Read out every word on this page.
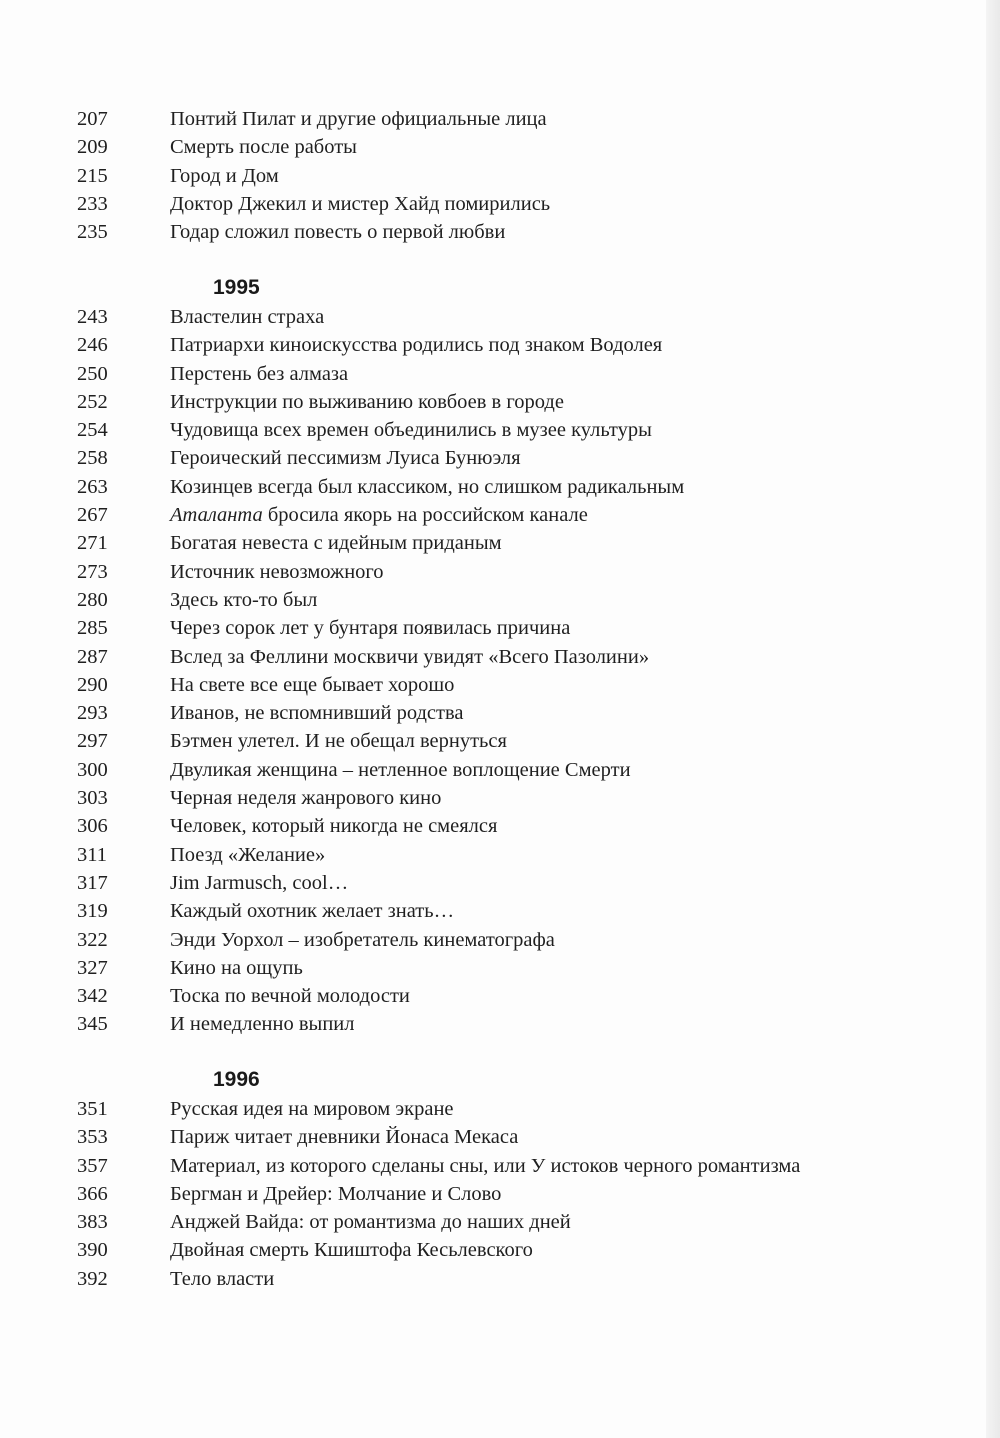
207	Понтий Пилат и другие официальные лица
209	Смерть после работы
215	Город и Дом
233	Доктор Джекил и мистер Хайд помирились
235	Годар сложил повесть о первой любви
1995
243	Властелин страха
246	Патриархи киноискусства родились под знаком Водолея
250	Перстень без алмаза
252	Инструкции по выживанию ковбоев в городе
254	Чудовища всех времен объединились в музее культуры
258	Героический пессимизм Луиса Бунюэля
263	Козинцев всегда был классиком, но слишком радикальным
267	Аталанта бросила якорь на российском канале
271	Богатая невеста с идейным приданым
273	Источник невозможного
280	Здесь кто-то был
285	Через сорок лет у бунтаря появилась причина
287	Вслед за Феллини москвичи увидят «Всего Пазолини»
290	На свете все еще бывает хорошо
293	Иванов, не вспомнивший родства
297	Бэтмен улетел. И не обещал вернуться
300	Двуликая женщина – нетленное воплощение Смерти
303	Черная неделя жанрового кино
306	Человек, который никогда не смеялся
311	Поезд «Желание»
317	Jim Jarmusch, cool…
319	Каждый охотник желает знать…
322	Энди Уорхол – изобретатель кинематографа
327	Кино на ощупь
342	Тоска по вечной молодости
345	И немедленно выпил
1996
351	Русская идея на мировом экране
353	Париж читает дневники Йонаса Мекаса
357	Материал, из которого сделаны сны, или У истоков черного романтизма
366	Бергман и Дрейер: Молчание и Слово
383	Анджей Вайда: от романтизма до наших дней
390	Двойная смерть Кшиштофа Кесьлевского
392	Тело власти
